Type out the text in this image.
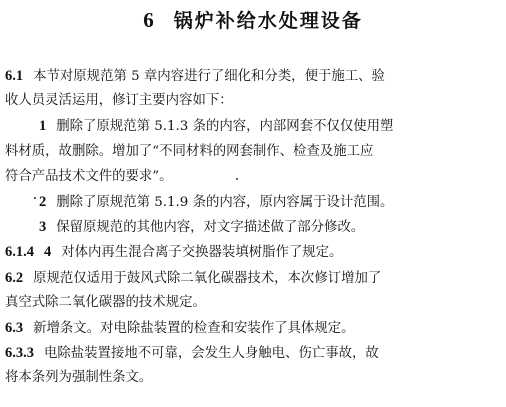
6 锅炉补给水处理设备
6.1 本节对原规范第 5 章内容进行了细化和分类，便于施工、验
收人员灵活运用，修订主要内容如下：
1 删除了原规范第 5.1.3 条的内容，内部网套不仅仅使用塑
料材质，故删除。增加了“不同材料的网套制作、检查及施工应
符合产品技术文件的要求”。
2 删除了原规范第 5.1.9 条的内容，原内容属于设计范围。
3 保留原规范的其他内容，对文字描述做了部分修改。
6.1.4 4 对体内再生混合离子交换器装填树脂作了规定。
6.2 原规范仅适用于鼓风式除二氧化碳器技术，本次修订增加了
真空式除二氧化碳器的技术规定。
6.3 新增条文。对电除盐装置的检查和安装作了具体规定。
6.3.3 电除盐装置接地不可靠，会发生人身触电、伤亡事故，故
将本条列为强制性条文。
